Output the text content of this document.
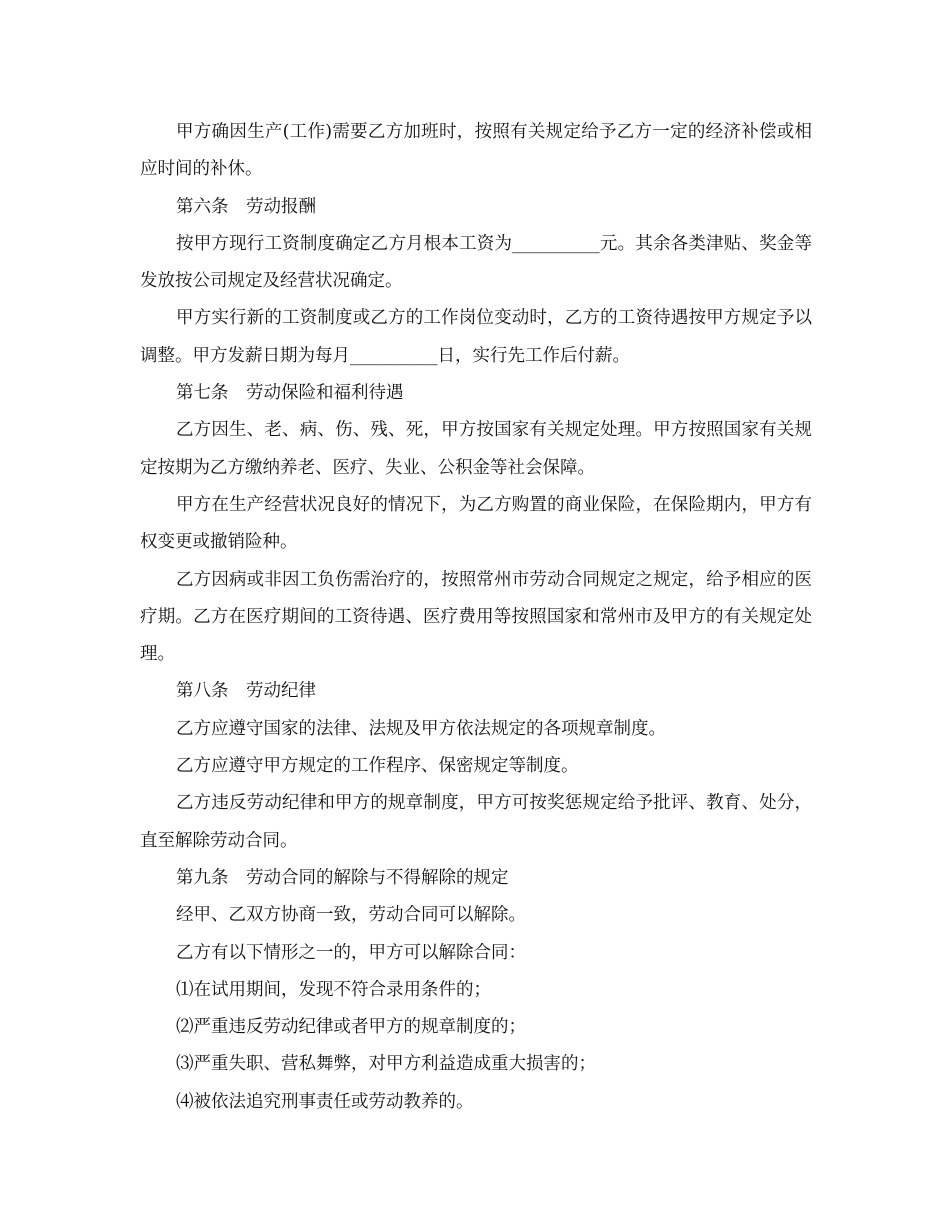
甲方确因生产(工作)需要乙方加班时，按照有关规定给予乙方一定的经济补偿或相应时间的补休。

第六条　劳动报酬

按甲方现行工资制度确定乙方月根本工资为__________元。其余各类津贴、奖金等发放按公司规定及经营状况确定。

甲方实行新的工资制度或乙方的工作岗位变动时，乙方的工资待遇按甲方规定予以调整。甲方发薪日期为每月__________日，实行先工作后付薪。

第七条　劳动保险和福利待遇

乙方因生、老、病、伤、残、死，甲方按国家有关规定处理。甲方按照国家有关规定按期为乙方缴纳养老、医疗、失业、公积金等社会保障。

甲方在生产经营状况良好的情况下，为乙方购置的商业保险，在保险期内，甲方有权变更或撤销险种。

乙方因病或非因工负伤需治疗的，按照常州市劳动合同规定之规定，给予相应的医疗期。乙方在医疗期间的工资待遇、医疗费用等按照国家和常州市及甲方的有关规定处理。

第八条　劳动纪律

乙方应遵守国家的法律、法规及甲方依法规定的各项规章制度。

乙方应遵守甲方规定的工作程序、保密规定等制度。

乙方违反劳动纪律和甲方的规章制度，甲方可按奖惩规定给予批评、教育、处分，直至解除劳动合同。

第九条　劳动合同的解除与不得解除的规定

经甲、乙双方协商一致，劳动合同可以解除。

乙方有以下情形之一的，甲方可以解除合同：

⑴在试用期间，发现不符合录用条件的；

⑵严重违反劳动纪律或者甲方的规章制度的；

⑶严重失职、营私舞弊，对甲方利益造成重大损害的；

⑷被依法追究刑事责任或劳动教养的。
